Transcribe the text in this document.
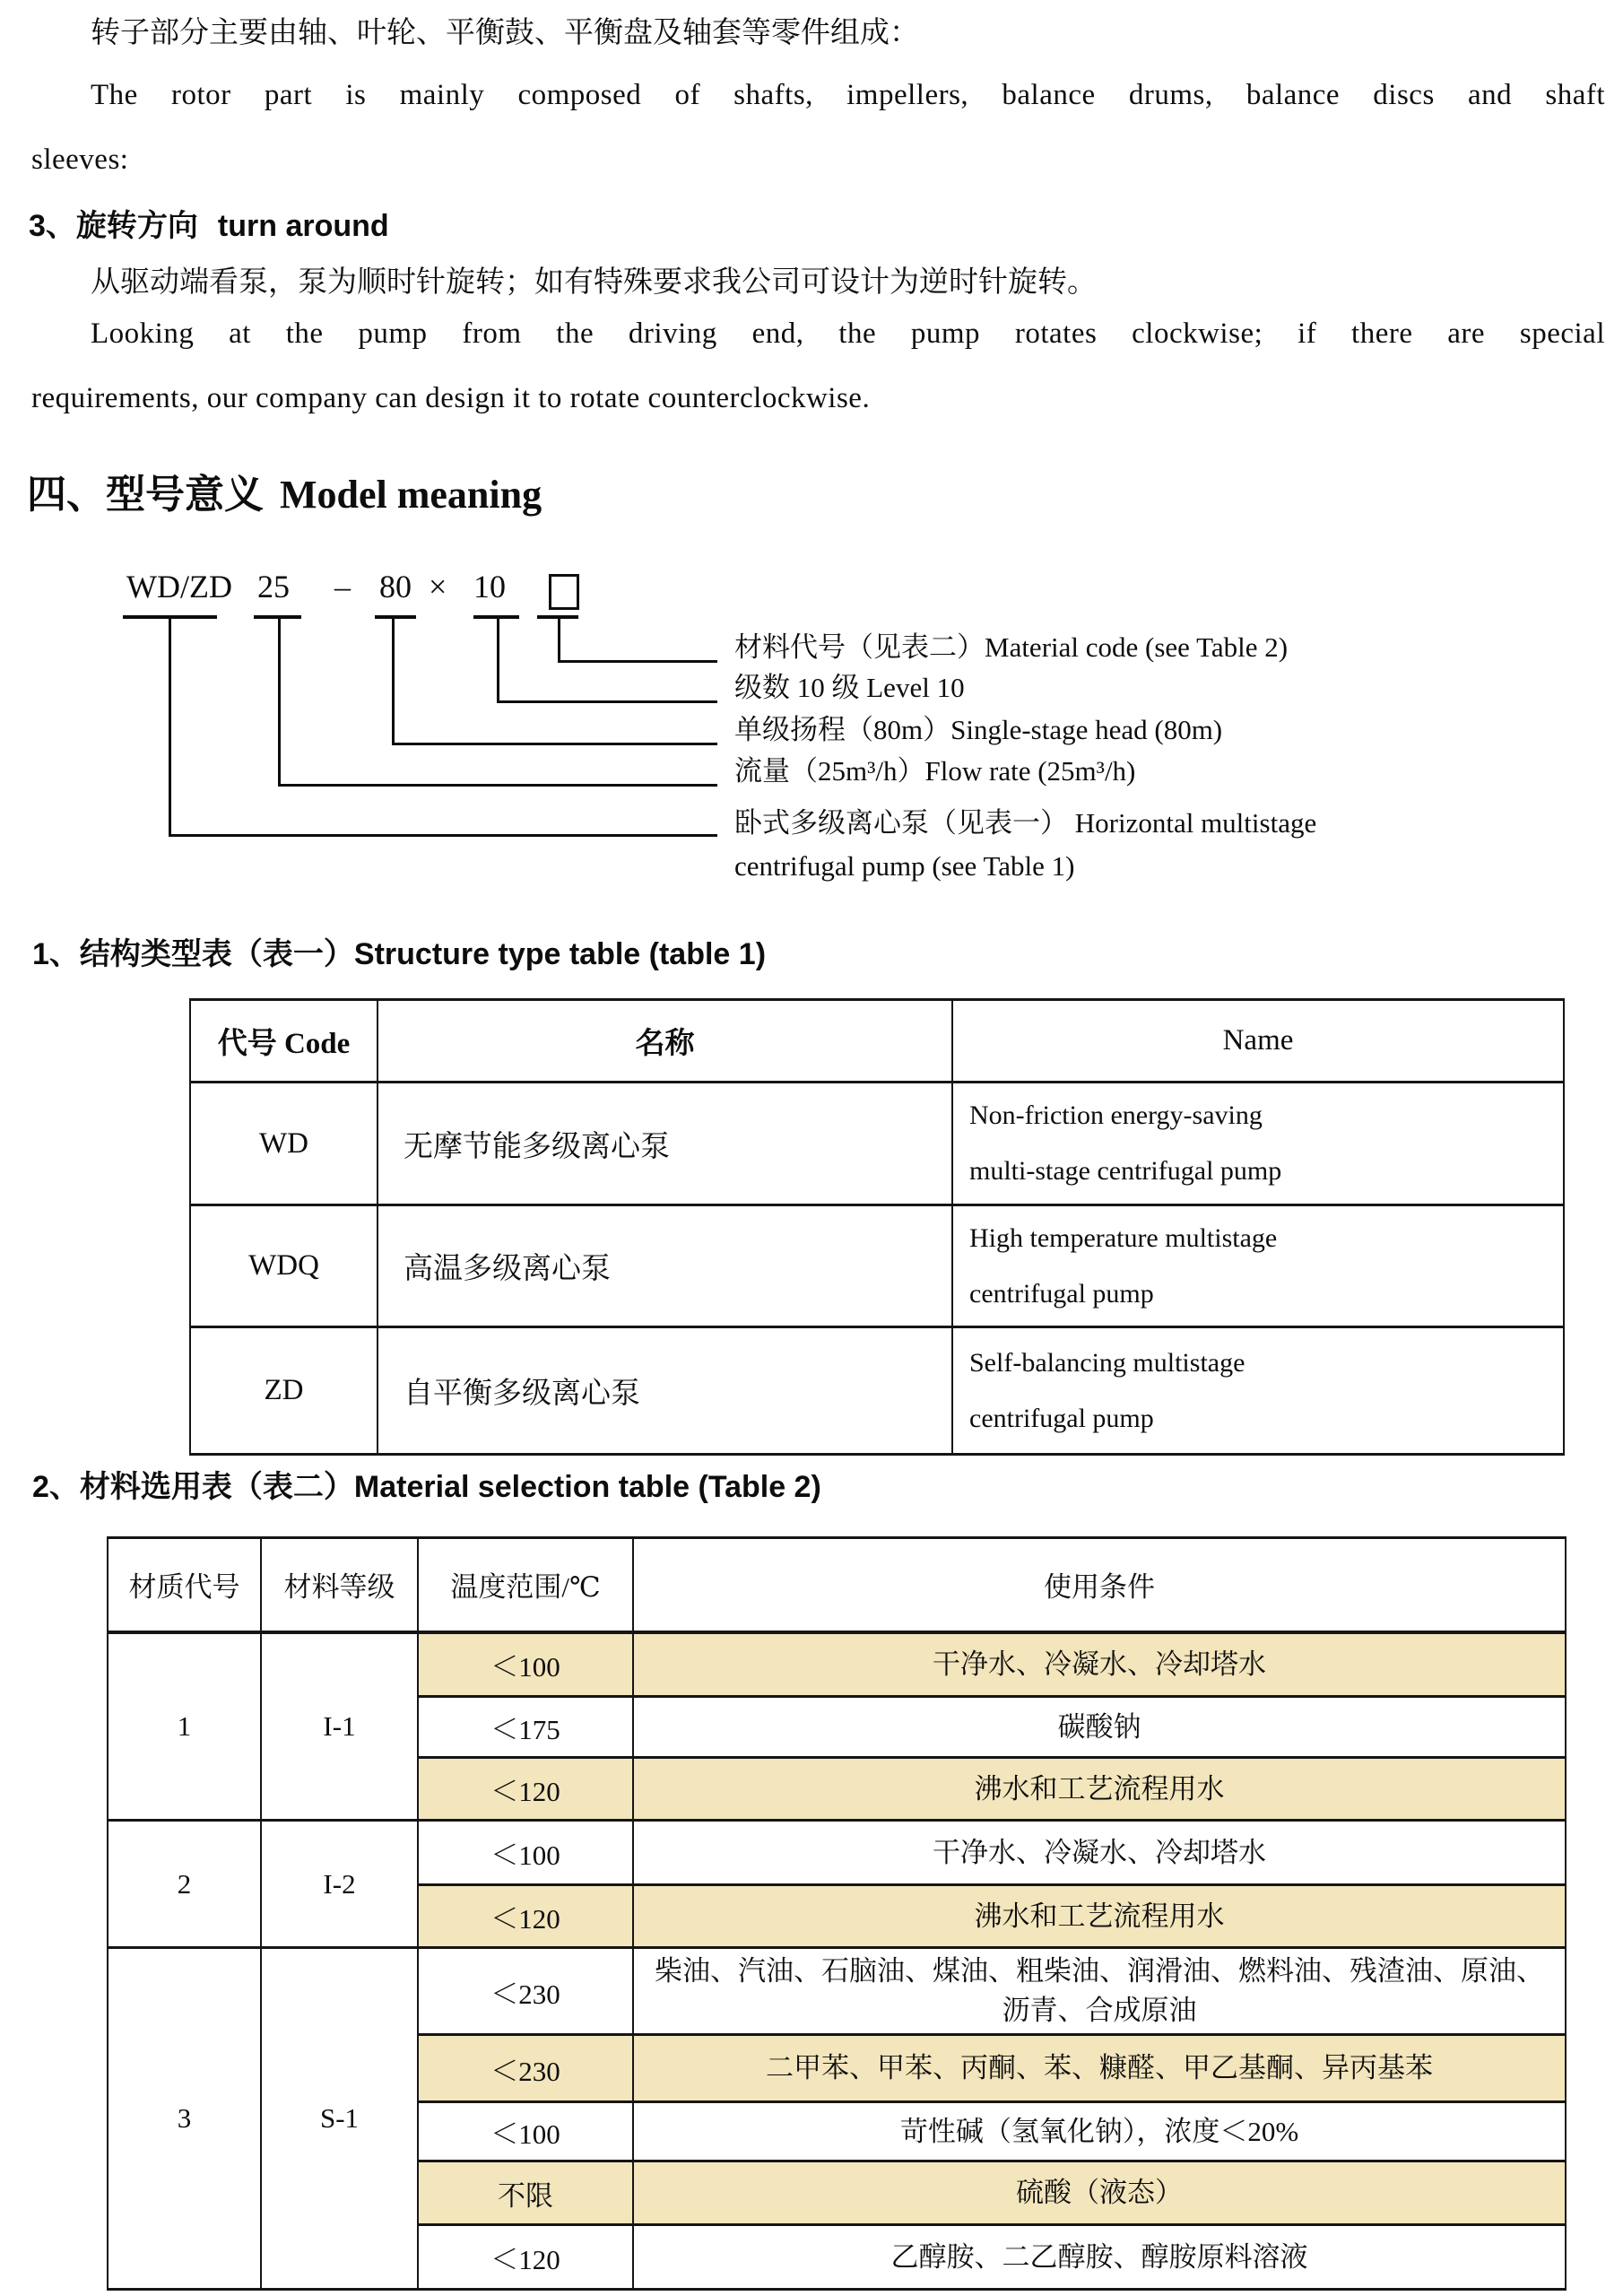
转子部分主要由轴、叶轮、平衡鼓、平衡盘及轴套等零件组成：
The rotor part is mainly composed of shafts, impellers, balance drums, balance discs and shaft
sleeves:
3、旋转方向 turn around
从驱动端看泵，泵为顺时针旋转；如有特殊要求我公司可设计为逆时针旋转。
Looking at the pump from the driving end, the pump rotates clockwise; if there are special
requirements, our company can design it to rotate counterclockwise.
四、型号意义 Model meaning
WD/ZD 25 – 80 × 10
材料代号（见表二）Material code (see Table 2)
级数 10 级 Level 10
单级扬程（80m）Single-stage head (80m)
流量（25m³/h）Flow rate (25m³/h)
卧式多级离心泵（见表一） Horizontal multistage centrifugal pump (see Table 1)
1、结构类型表（表一）Structure type table (table 1)
代号 Code	名称	Name
WD	无摩节能多级离心泵	Non-friction energy-saving
multi-stage centrifugal pump

WDQ	高温多级离心泵	High temperature multistage
centrifugal pump

ZD	自平衡多级离心泵	Self-balancing multistage
centrifugal pump
2、材料选用表（表二）Material selection table (Table 2)
材质代号	材料等级	温度范围/℃	使用条件
1	I-1	＜100	干净水、冷凝水、冷却塔水
		＜175	碳酸钠
		＜120	沸水和工艺流程用水
2	I-2	＜100	干净水、冷凝水、冷却塔水
		＜120	沸水和工艺流程用水
3	S-1	＜230	柴油、汽油、石脑油、煤油、粗柴油、润滑油、燃料油、残渣油、原油、沥青、合成原油
		＜230	二甲苯、甲苯、丙酮、苯、糠醛、甲乙基酮、异丙基苯
		＜100	苛性碱（氢氧化钠），浓度＜20%
		不限	硫酸（液态）
		＜120	乙醇胺、二乙醇胺、醇胺原料溶液
